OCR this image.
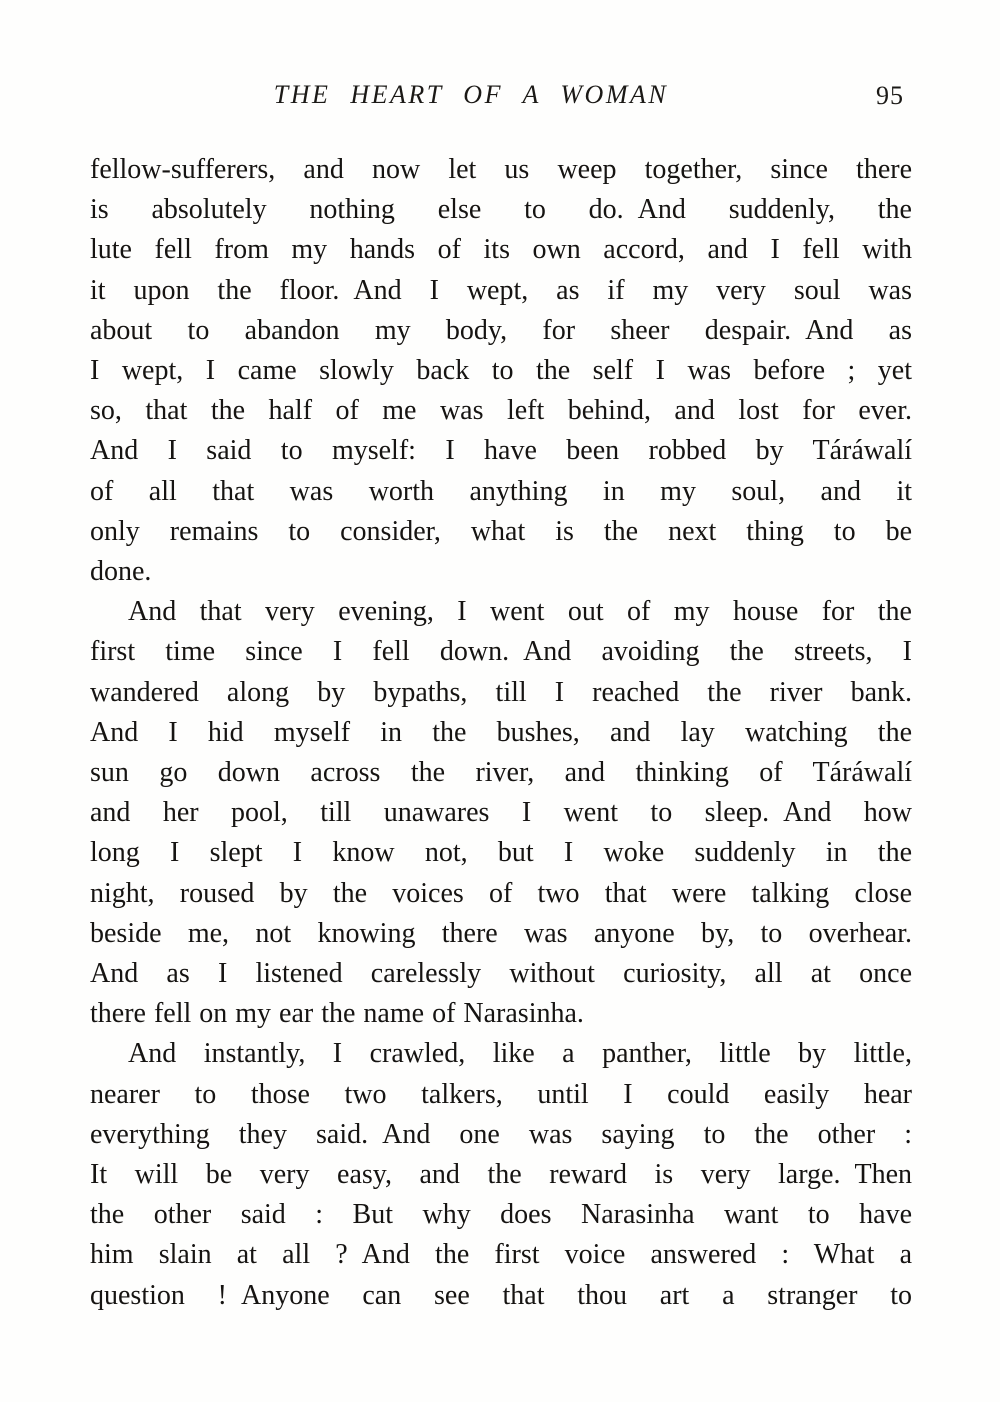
THE HEART OF A WOMAN	95
fellow-sufferers, and now let us weep together, since there
is absolutely nothing else to do. And suddenly, the
lute fell from my hands of its own accord, and I fell with
it upon the floor. And I wept, as if my very soul was
about to abandon my body, for sheer despair. And as
I wept, I came slowly back to the self I was before ; yet
so, that the half of me was left behind, and lost for ever.
And I said to myself: I have been robbed by Táráwalí
of all that was worth anything in my soul, and it
only remains to consider, what is the next thing to be
done.
And that very evening, I went out of my house for the
first time since I fell down. And avoiding the streets, I
wandered along by bypaths, till I reached the river bank.
And I hid myself in the bushes, and lay watching the
sun go down across the river, and thinking of Táráwalí
and her pool, till unawares I went to sleep. And how
long I slept I know not, but I woke suddenly in the
night, roused by the voices of two that were talking close
beside me, not knowing there was anyone by, to overhear.
And as I listened carelessly without curiosity, all at once
there fell on my ear the name of Narasinha.
And instantly, I crawled, like a panther, little by little,
nearer to those two talkers, until I could easily hear
everything they said. And one was saying to the other :
It will be very easy, and the reward is very large. Then
the other said : But why does Narasinha want to have
him slain at all ? And the first voice answered : What a
question ! Anyone can see that thou art a stranger to
